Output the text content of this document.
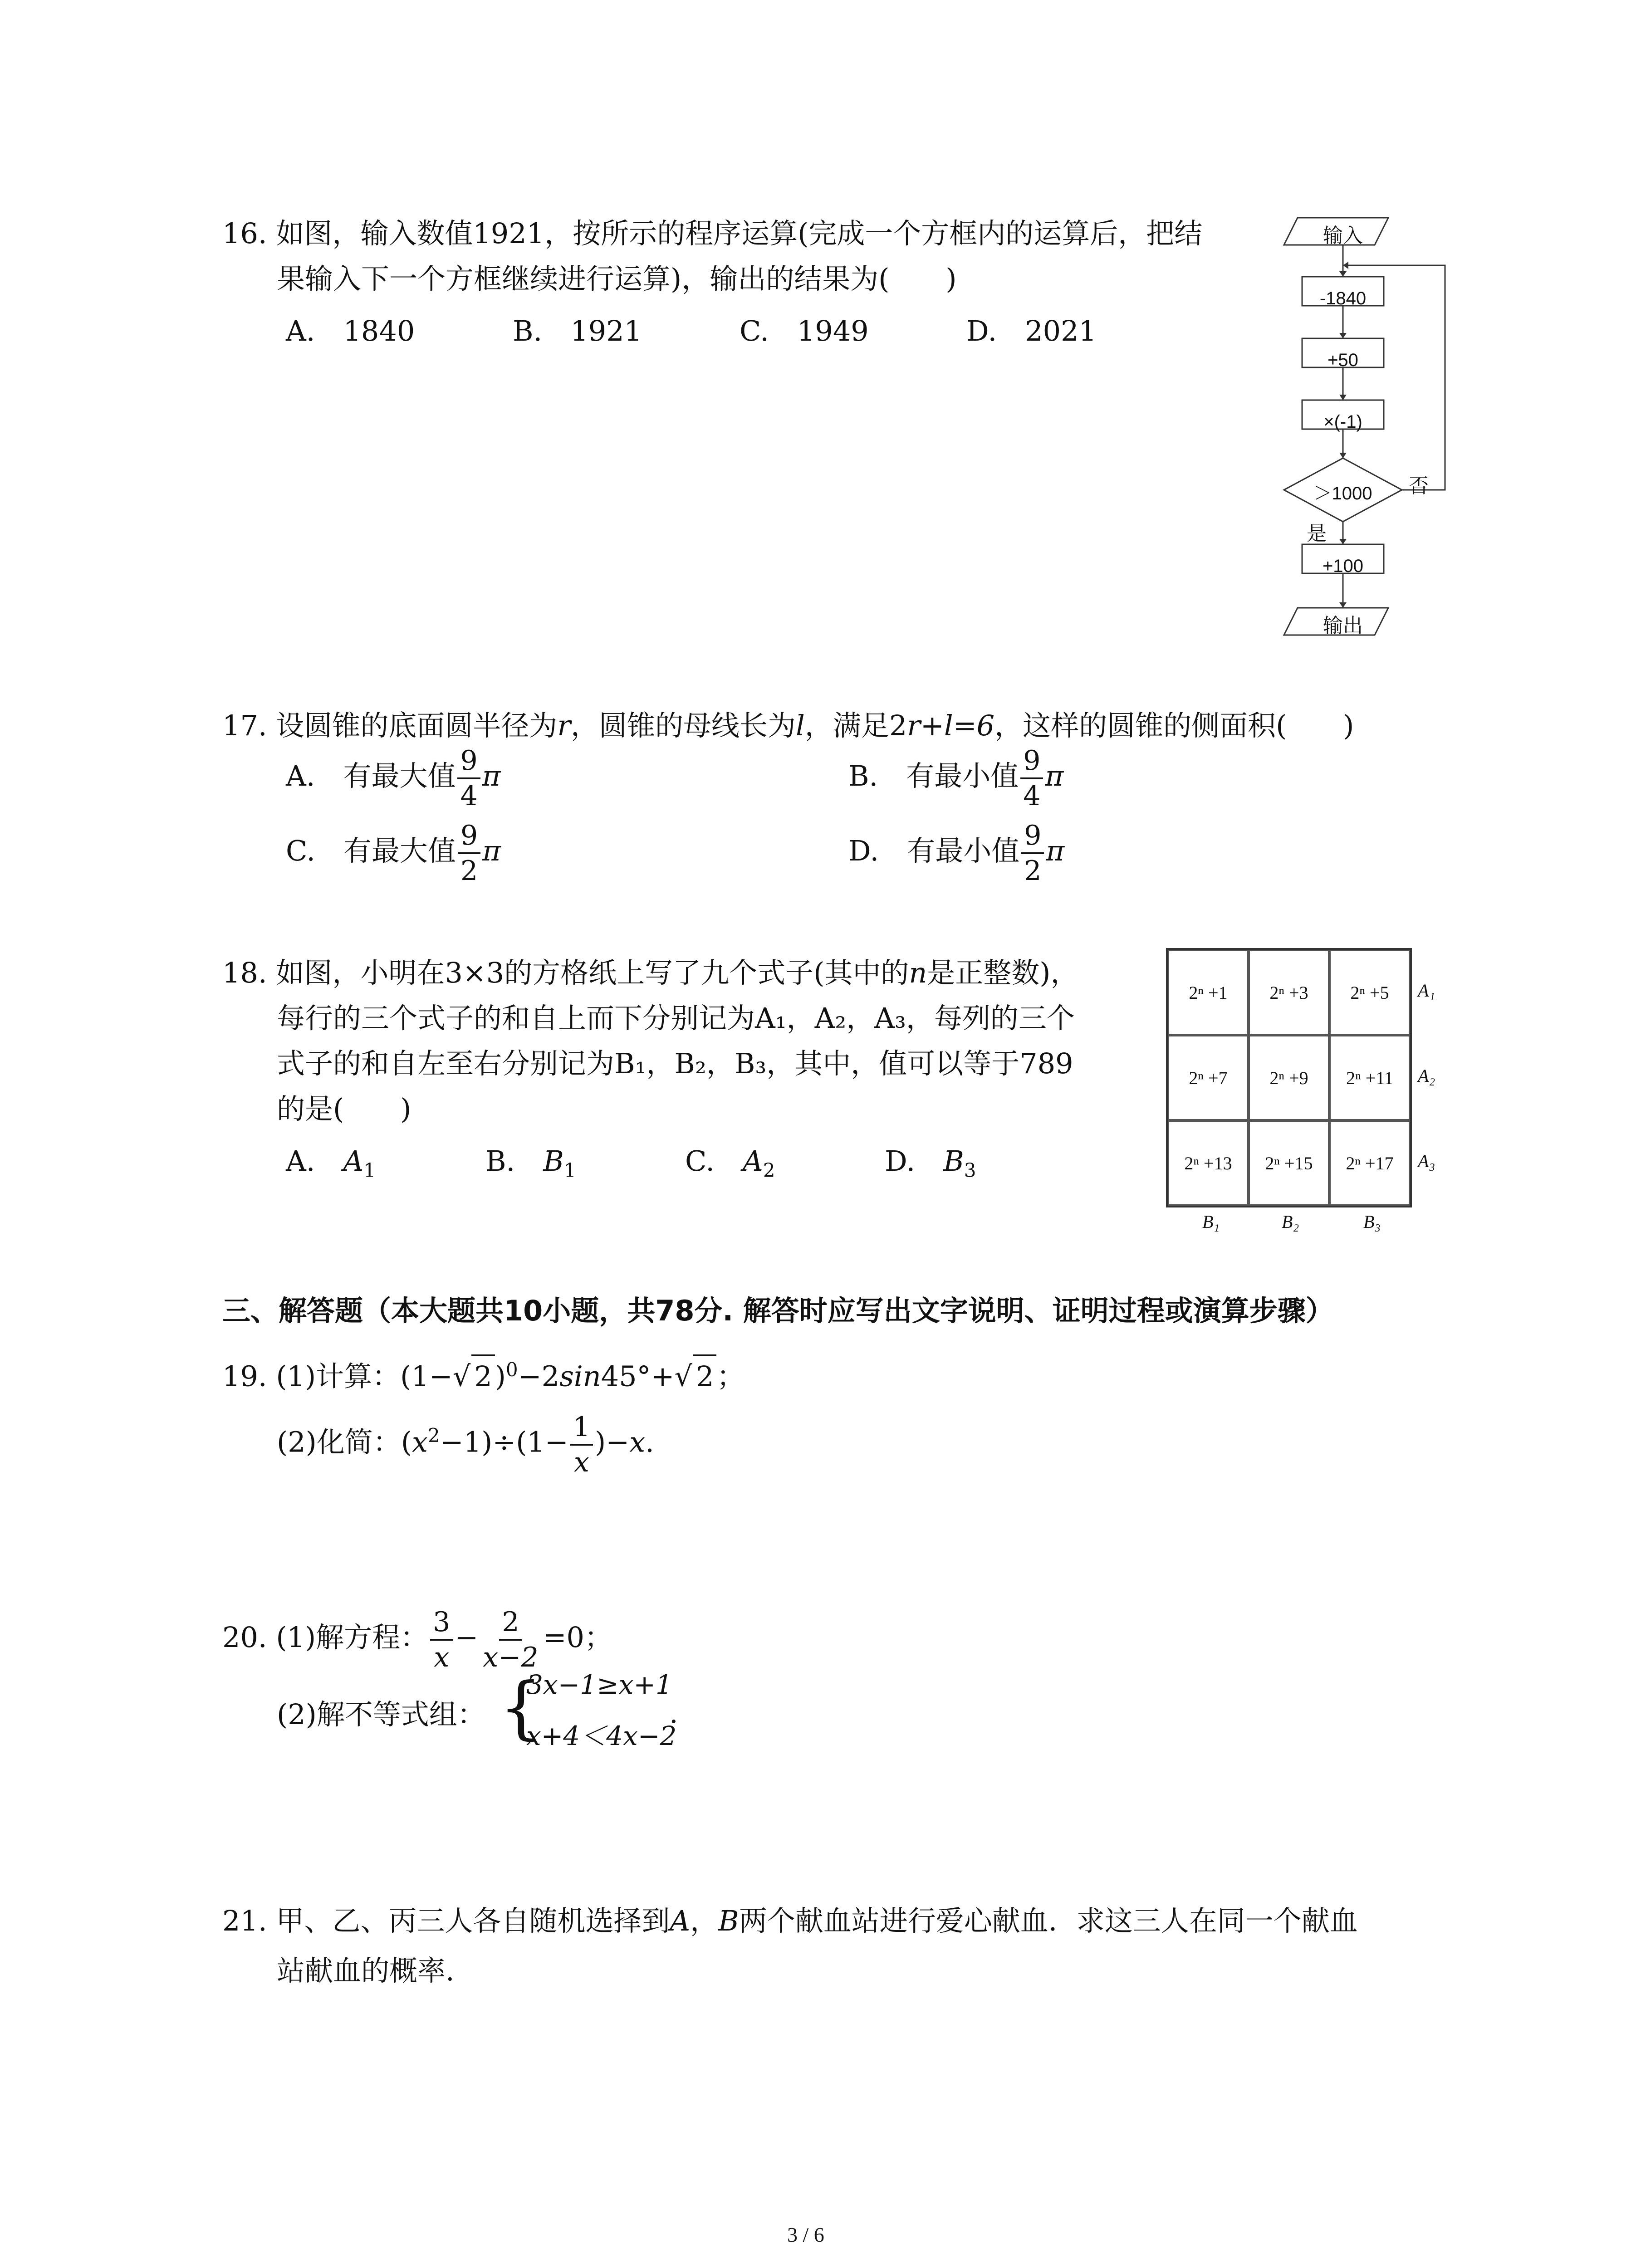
16. 如图，输入数值1921，按所示的程序运算(完成一个方框内的运算后，把结
果输入下一个方框继续进行运算)，输出的结果为(　　)
A.　1840	B.　1921	C.　1949	D.　2021
输入
-1840
+50
×(-1)
＞1000	否
是
+100
输出
17. 设圆锥的底面圆半径为r，圆锥的母线长为l，满足2r+l=6，这样的圆锥的侧面积(　　)
A.　有最大值 $\frac{9}{4}$ π	B.　有最小值 $\frac{9}{4}$ π
C.　有最大值 $\frac{9}{2}$ π	D.　有最小值 $\frac{9}{2}$ π
18. 如图，小明在3×3的方格纸上写了九个式子(其中的n是正整数)，
每行的三个式子的和自上而下分别记为A₁，A₂，A₃，每列的三个
式子的和自左至右分别记为B₁，B₂，B₃，其中，值可以等于789
的是(　　)
A.　$A_1$	B.　$B_1$	C.　$A_2$	D.　$B_3$
2ⁿ +1	2ⁿ +3	2ⁿ +5
2ⁿ +7	2ⁿ +9	2ⁿ +11
2ⁿ +13	2ⁿ +15	2ⁿ +17
A₁
A₂
A₃
B₁	B₂	B₃
三、解答题（本大题共10小题，共78分. 解答时应写出文字说明、证明过程或演算步骤）
19. (1)计算：(1−√ 2)$^0$−2sin45°+√ 2；
(2)化简：$(x^2-1)\div(1- \frac{1}{x} )-x$.
20. (1)解方程： $\frac{3}{x} - \frac{2}{x-2} =0$；
(2)解不等式组： {
3x−1≥x+1
x+4＜4x−2
.
21. 甲、乙、丙三人各自随机选择到A，B两个献血站进行爱心献血．求这三人在同一个献血
站献血的概率.
3 / 6
